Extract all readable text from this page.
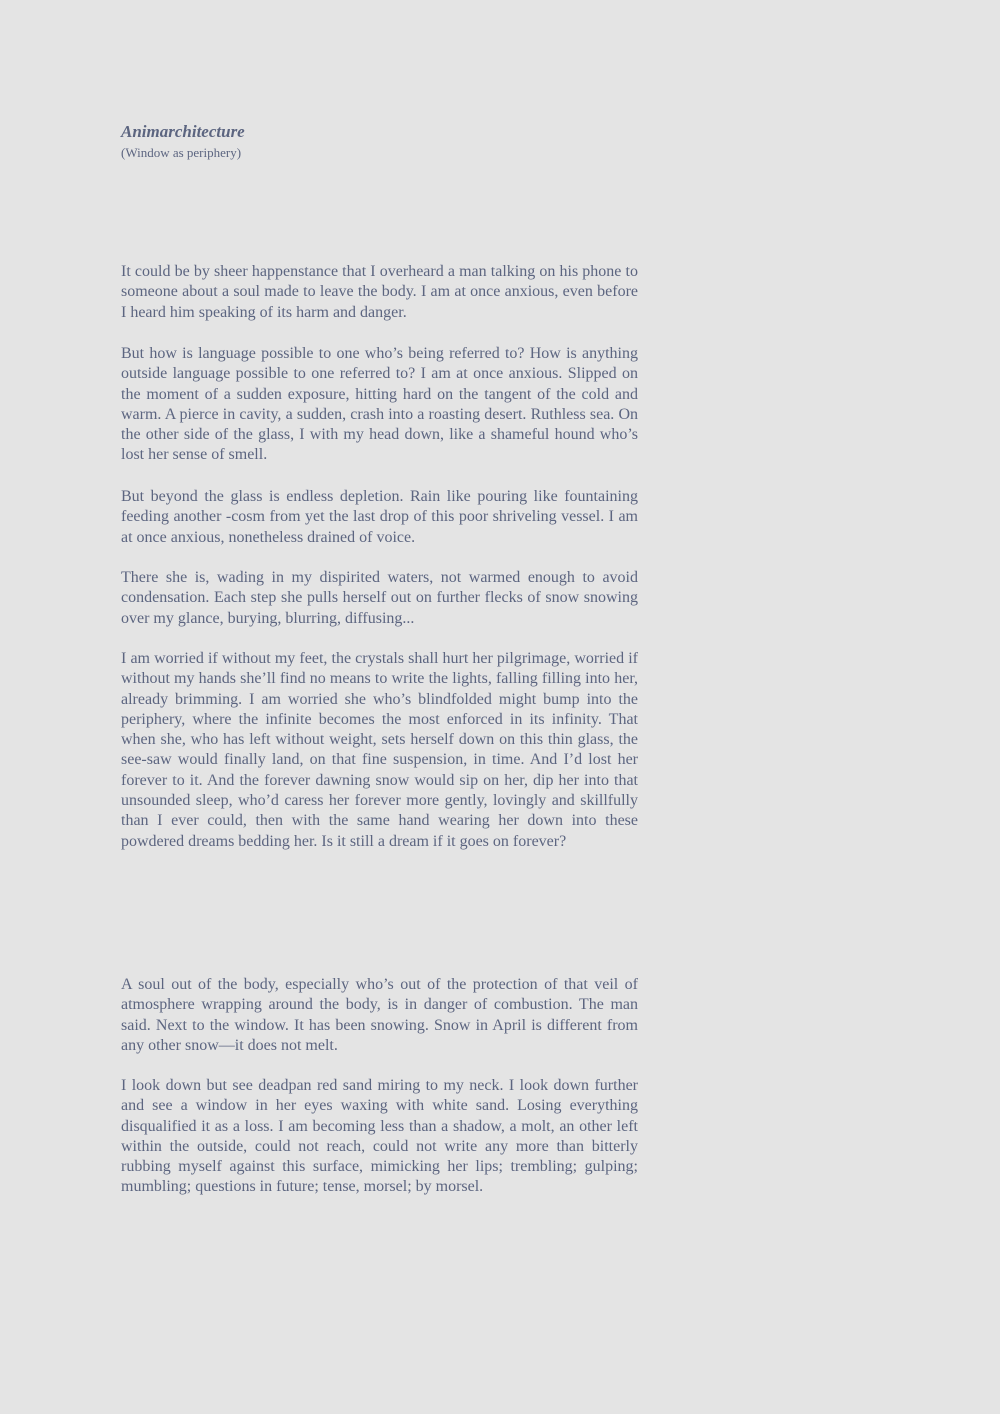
Animarchitecture
(Window as periphery)

It could be by sheer happenstance that I overheard a man talking on his phone to someone about a soul made to leave the body. I am at once anxious, even before I heard him speaking of its harm and danger.

But how is language possible to one who’s being referred to? How is anything outside language possible to one referred to? I am at once anxious. Slipped on the moment of a sudden exposure, hitting hard on the tangent of the cold and warm. A pierce in cavity, a sudden, crash into a roasting desert. Ruthless sea. On the other side of the glass, I with my head down, like a shameful hound who’s lost her sense of smell.

But beyond the glass is endless depletion. Rain like pouring like fountaining feeding another -cosm from yet the last drop of this poor shriveling vessel. I am at once anxious, nonetheless drained of voice.

There she is, wading in my dispirited waters, not warmed enough to avoid condensation. Each step she pulls herself out on further flecks of snow snowing over my glance, burying, blurring, diffusing...

I am worried if without my feet, the crystals shall hurt her pilgrimage, worried if without my hands she’ll find no means to write the lights, falling filling into her, already brimming. I am worried she who’s blindfolded might bump into the periphery, where the infinite becomes the most enforced in its infinity. That when she, who has left without weight, sets herself down on this thin glass, the see-saw would finally land, on that fine suspension, in time. And I’d lost her forever to it. And the forever dawning snow would sip on her, dip her into that unsounded sleep, who’d caress her forever more gently, lovingly and skillfully than I ever could, then with the same hand wearing her down into these powdered dreams bedding her. Is it still a dream if it goes on forever?

A soul out of the body, especially who’s out of the protection of that veil of atmosphere wrapping around the body, is in danger of combustion. The man said. Next to the window. It has been snowing. Snow in April is different from any other snow—it does not melt.

I look down but see deadpan red sand miring to my neck. I look down further and see a window in her eyes waxing with white sand. Losing everything disqualified it as a loss. I am becoming less than a shadow, a molt, an other left within the outside, could not reach, could not write any more than bitterly rubbing myself against this surface, mimicking her lips; trembling; gulping; mumbling; questions in future; tense, morsel; by morsel.
